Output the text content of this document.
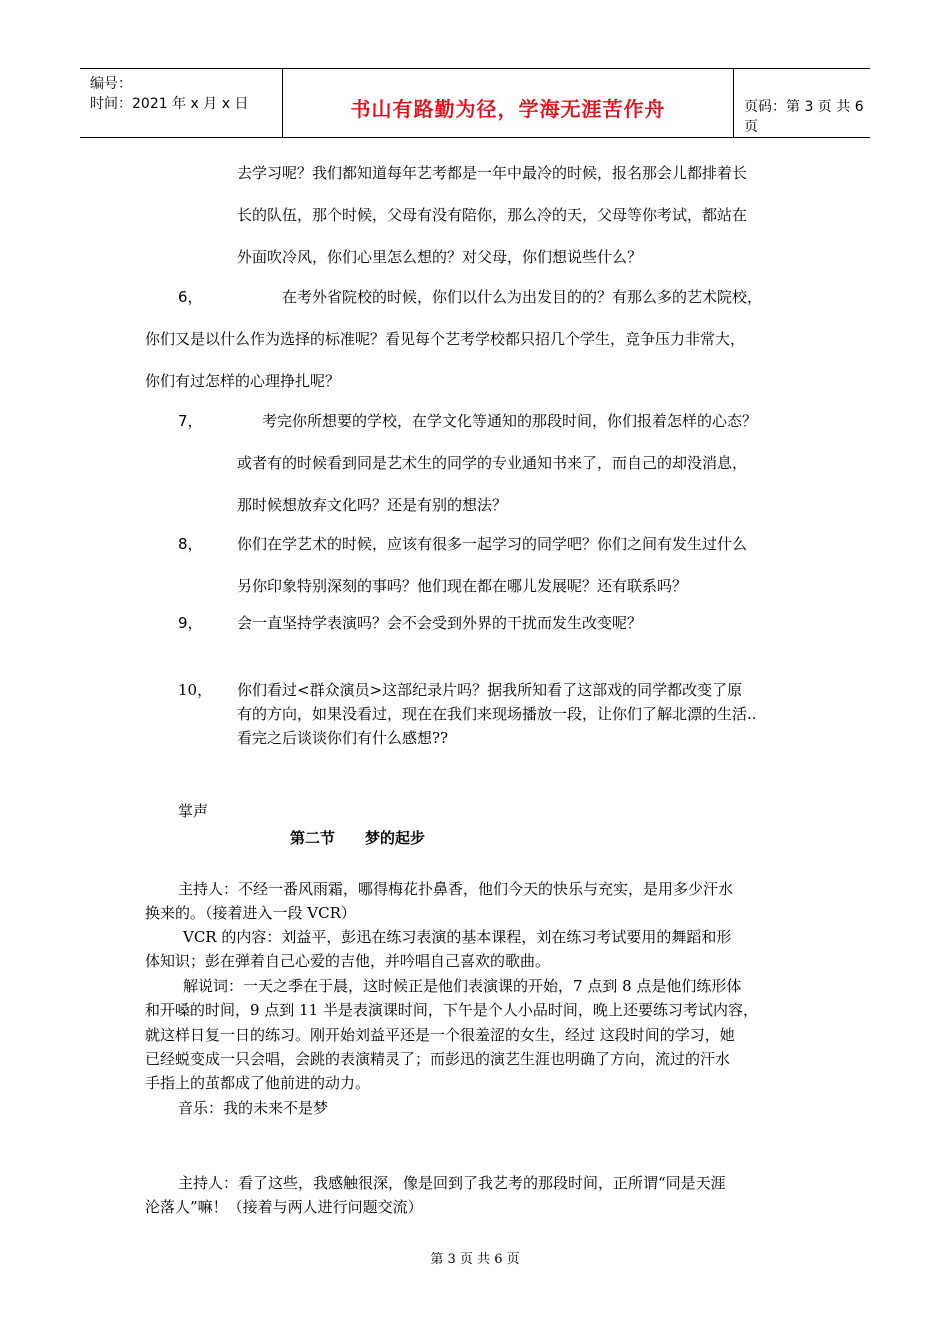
编号：
时间：2021 年 x 月 x 日	书山有路勤为径，学海无涯苦作舟	页码：第 3 页 共 6 页
去学习呢？我们都知道每年艺考都是一年中最冷的时候，报名那会儿都排着长
长的队伍，那个时候，父母有没有陪你，那么冷的天，父母等你考试，都站在
外面吹冷风，你们心里怎么想的？对父母，你们想说些什么？
6，	在考外省院校的时候，你们以什么为出发目的的？有那么多的艺术院校，
你们又是以什么作为选择的标准呢？看见每个艺考学校都只招几个学生，竞争压力非常大，
你们有过怎样的心理挣扎呢？
7，	考完你所想要的学校，在学文化等通知的那段时间，你们报着怎样的心态？
或者有的时候看到同是艺术生的同学的专业通知书来了，而自己的却没消息，
那时候想放弃文化吗？还是有别的想法？
8， 你们在学艺术的时候，应该有很多一起学习的同学吧？你们之间有发生过什么
另你印象特别深刻的事吗？他们现在都在哪儿发展呢？还有联系吗？
9， 会一直坚持学表演吗？会不会受到外界的干扰而发生改变呢？
10， 你们看过<群众演员>这部纪录片吗？据我所知看了这部戏的同学都改变了原
有的方向，如果没看过，现在在我们来现场播放一段，让你们了解北漂的生活..
看完之后谈谈你们有什么感想??
掌声
第二节 梦的起步
主持人：不经一番风雨霜，哪得梅花扑鼻香，他们今天的快乐与充实，是用多少汗水
换来的。（接着进入一段 VCR）
VCR 的内容：刘益平，彭迅在练习表演的基本课程，刘在练习考试要用的舞蹈和形
体知识；彭在弹着自己心爱的吉他，并吟唱自己喜欢的歌曲。
解说词：一天之季在于晨，这时候正是他们表演课的开始，7 点到 8 点是他们练形体
和开嗓的时间，9 点到 11 半是表演课时间，下午是个人小品时间，晚上还要练习考试内容，
就这样日复一日的练习。刚开始刘益平还是一个很羞涩的女生，经过 这段时间的学习，她
已经蜕变成一只会唱，会跳的表演精灵了；而彭迅的演艺生涯也明确了方向，流过的汗水
手指上的茧都成了他前进的动力。
音乐：我的未来不是梦
主持人：看了这些，我感触很深，像是回到了我艺考的那段时间，正所谓“同是天涯
沦落人”嘛！（接着与两人进行问题交流）
第 3 页 共 6 页
